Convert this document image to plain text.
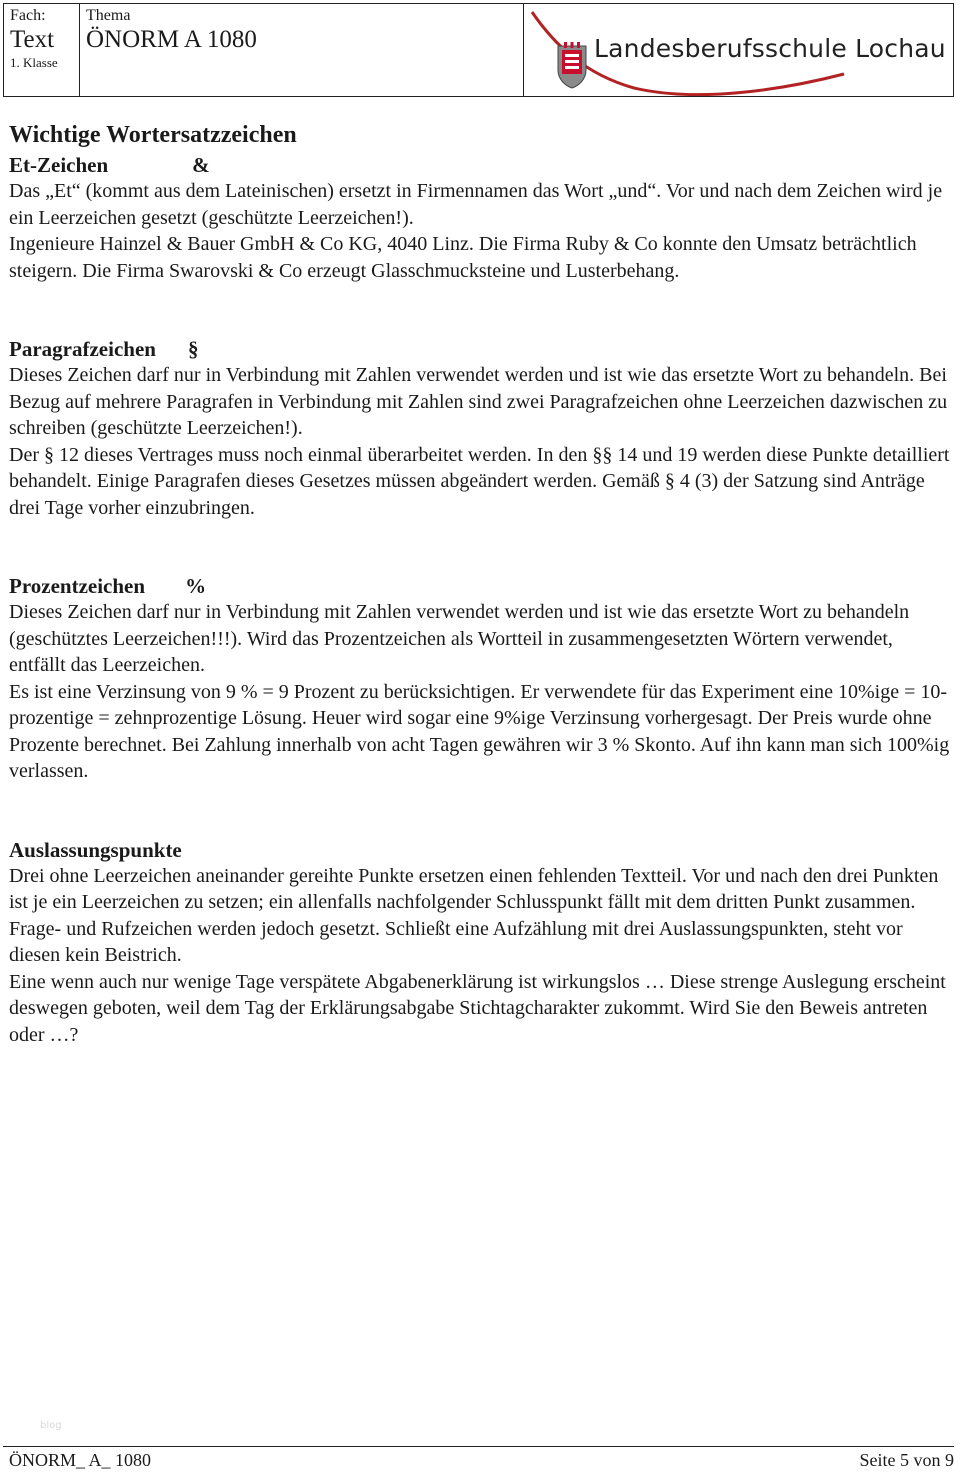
Fach:
Text
1. Klasse
Thema
ÖNORM A 1080	Landesberufsschule Lochau

Wichtige Wortersatzzeichen

Et-Zeichen	&

Das „Et“ (kommt aus dem Lateinischen) ersetzt in Firmennamen das Wort „und“. Vor und nach dem Zeichen wird je ein Leerzeichen gesetzt (geschützte Leerzeichen!).

Ingenieure Hainzel & Bauer GmbH & Co KG, 4040 Linz. Die Firma Ruby & Co konnte den Umsatz beträchtlich steigern. Die Firma Swarovski & Co erzeugt Glasschmucksteine und Lusterbehang.

Paragrafzeichen §

Dieses Zeichen darf nur in Verbindung mit Zahlen verwendet werden und ist wie das ersetzte Wort zu behandeln. Bei Bezug auf mehrere Paragrafen in Verbindung mit Zahlen sind zwei Paragrafzeichen ohne Leerzeichen dazwischen zu schreiben (geschützte Leerzeichen!).

Der § 12 dieses Vertrages muss noch einmal überarbeitet werden. In den §§ 14 und 19 werden diese Punkte detailliert behandelt. Einige Paragrafen dieses Gesetzes müssen abgeändert werden. Gemäß § 4 (3) der Satzung sind Anträge drei Tage vorher einzubringen.

Prozentzeichen %

Dieses Zeichen darf nur in Verbindung mit Zahlen verwendet werden und ist wie das ersetzte Wort zu behandeln (geschütztes Leerzeichen!!!). Wird das Prozentzeichen als Wortteil in zusammengesetzten Wörtern verwendet, entfällt das Leerzeichen.

Es ist eine Verzinsung von 9 % = 9 Prozent zu berücksichtigen. Er verwendete für das Experiment eine 10%ige = 10-prozentige = zehnprozentige Lösung. Heuer wird sogar eine 9%ige Verzinsung vorhergesagt. Der Preis wurde ohne Prozente berechnet. Bei Zahlung innerhalb von acht Tagen gewähren wir 3 % Skonto. Auf ihn kann man sich 100%ig verlassen.

Auslassungspunkte

Drei ohne Leerzeichen aneinander gereihte Punkte ersetzen einen fehlenden Textteil. Vor und nach den drei Punkten ist je ein Leerzeichen zu setzen; ein allenfalls nachfolgender Schlusspunkt fällt mit dem dritten Punkt zusammen. Frage- und Rufzeichen werden jedoch gesetzt. Schließt eine Aufzählung mit drei Auslassungspunkten, steht vor diesen kein Beistrich.

Eine wenn auch nur wenige Tage verspätete Abgabenerklärung ist wirkungslos … Diese strenge Auslegung erscheint deswegen geboten, weil dem Tag der Erklärungsabgabe Stichtagcharakter zukommt. Wird Sie den Beweis antreten oder …?

blog
ÖNORM_ A_ 1080	Seite 5 von 9
